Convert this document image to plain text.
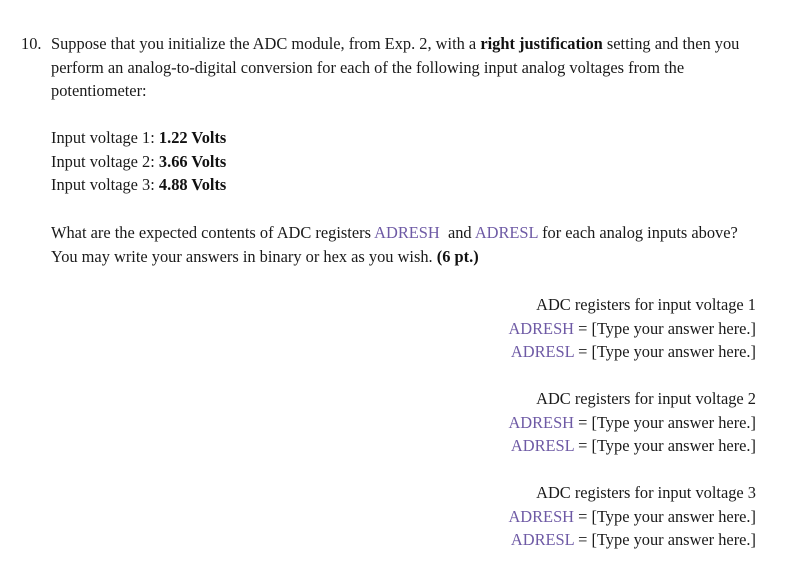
10. Suppose that you initialize the ADC module, from Exp. 2, with a right justification setting and then you perform an analog-to-digital conversion for each of the following input analog voltages from the potentiometer:
Input voltage 1: 1.22 Volts
Input voltage 2: 3.66 Volts
Input voltage 3: 4.88 Volts
What are the expected contents of ADC registers ADRESH and ADRESL for each analog inputs above? You may write your answers in binary or hex as you wish. (6 pt.)
ADC registers for input voltage 1
ADRESH = [Type your answer here.]
ADRESL = [Type your answer here.]
ADC registers for input voltage 2
ADRESH = [Type your answer here.]
ADRESL = [Type your answer here.]
ADC registers for input voltage 3
ADRESH = [Type your answer here.]
ADRESL = [Type your answer here.]
